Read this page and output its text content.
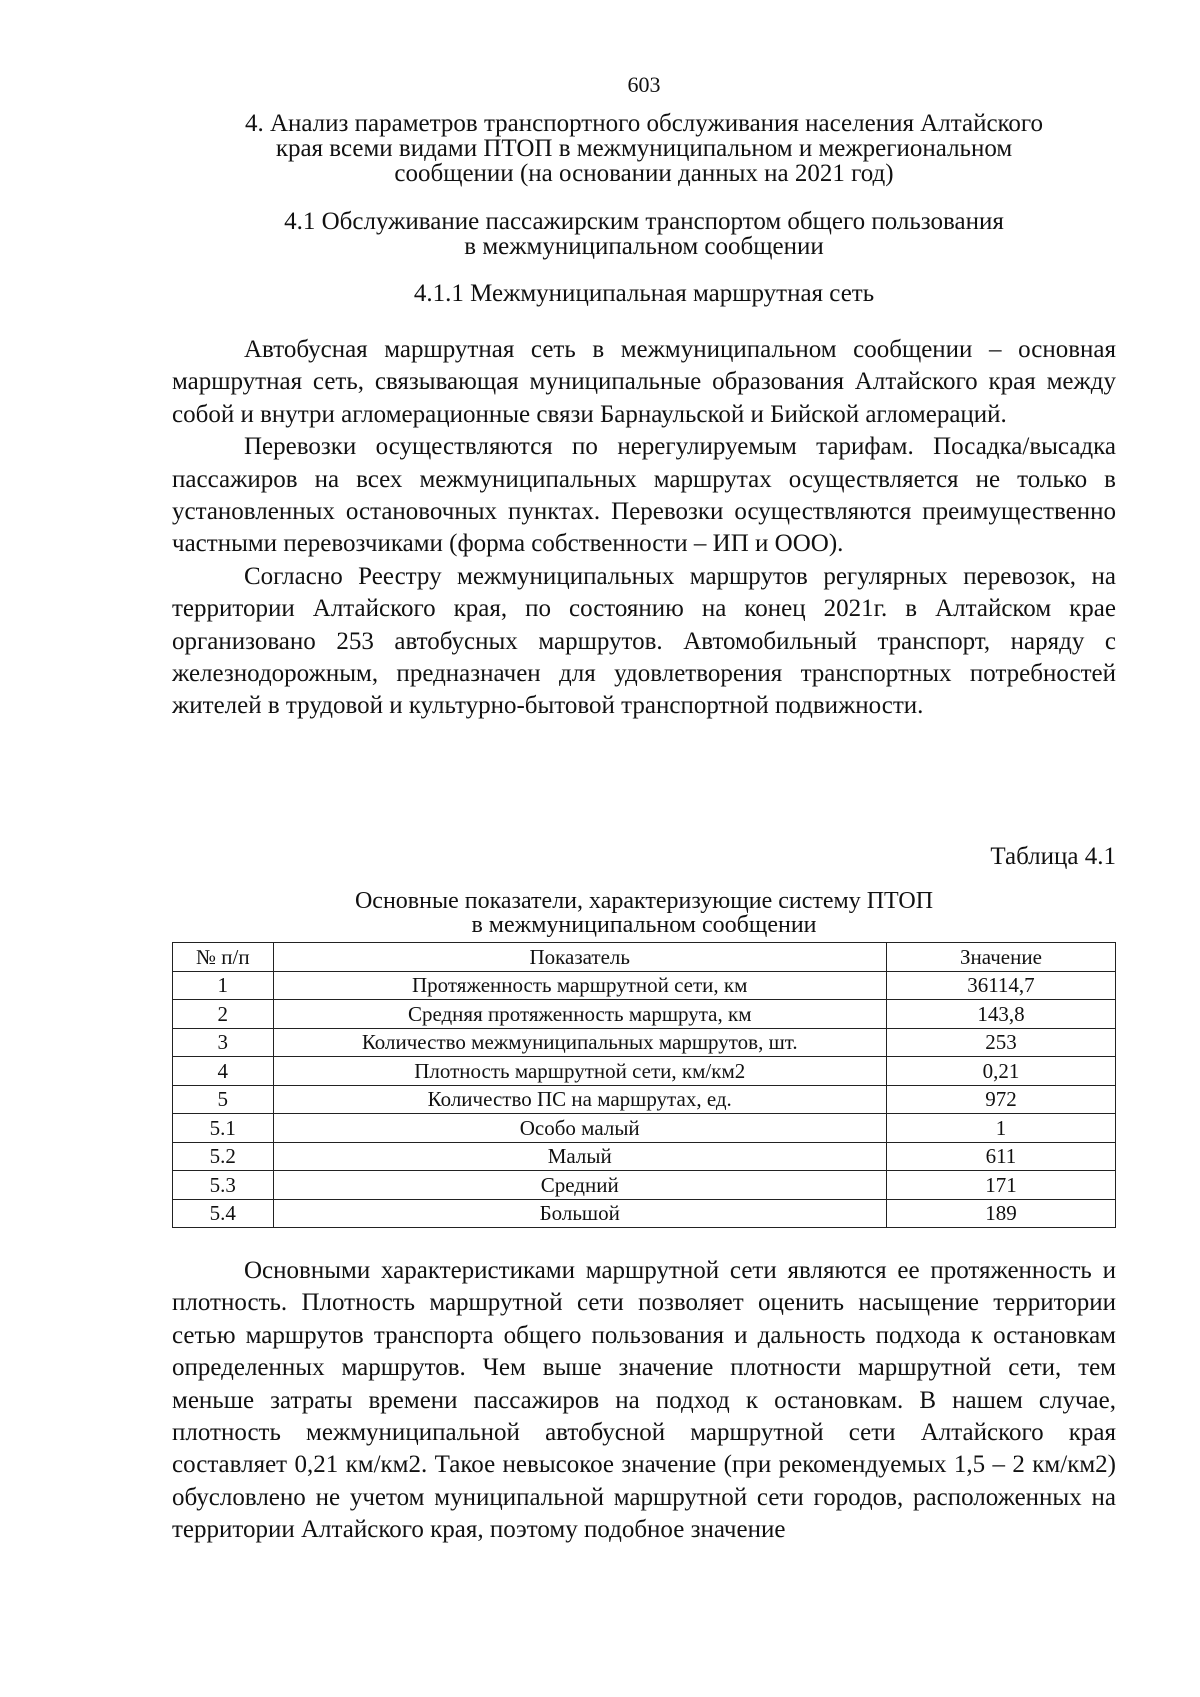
603
4. Анализ параметров транспортного обслуживания населения Алтайского
края всеми видами ПТОП в межмуниципальном и межрегиональном
сообщении (на основании данных на 2021 год)
4.1 Обслуживание пассажирским транспортом общего пользования
в межмуниципальном сообщении
4.1.1 Межмуниципальная маршрутная сеть

Автобусная маршрутная сеть в межмуниципальном сообщении – основная маршрутная сеть, связывающая муниципальные образования Алтайского края между собой и внутри агломерационные связи Барнаульской и Бийской агломераций.

Перевозки осуществляются по нерегулируемым тарифам. Посадка/высадка пассажиров на всех межмуниципальных маршрутах осуществляется не только в установленных остановочных пунктах. Перевозки осуществляются преимущественно частными перевозчиками (форма собственности – ИП и ООО).

Согласно Реестру межмуниципальных маршрутов регулярных перевозок, на территории Алтайского края, по состоянию на конец 2021г. в Алтайском крае организовано 253 автобусных маршрутов. Автомобильный транспорт, наряду с железнодорожным, предназначен для удовлетворения транспортных потребностей жителей в трудовой и культурно-бытовой транспортной подвижности.

Таблица 4.1
Основные показатели, характеризующие систему ПТОП
в межмуниципальном сообщении
№ п/п	Показатель	Значение
1	Протяженность маршрутной сети, км	36114,7
2	Средняя протяженность маршрута, км	143,8
3	Количество межмуниципальных маршрутов, шт.	253
4	Плотность маршрутной сети, км/км2	0,21
5	Количество ПС на маршрутах, ед.	972
5.1	Особо малый	1
5.2	Малый	611
5.3	Средний	171
5.4	Большой	189

Основными характеристиками маршрутной сети являются ее протяженность и плотность. Плотность маршрутной сети позволяет оценить насыщение территории сетью маршрутов транспорта общего пользования и дальность подхода к остановкам определенных маршрутов. Чем выше значение плотности маршрутной сети, тем меньше затраты времени пассажиров на подход к остановкам. В нашем случае, плотность межмуниципальной автобусной маршрутной сети Алтайского края составляет 0,21 км/км2. Такое невысокое значение (при рекомендуемых 1,5 – 2 км/км2) обусловлено не учетом муниципальной маршрутной сети городов, расположенных на территории Алтайского края, поэтому подобное значение
